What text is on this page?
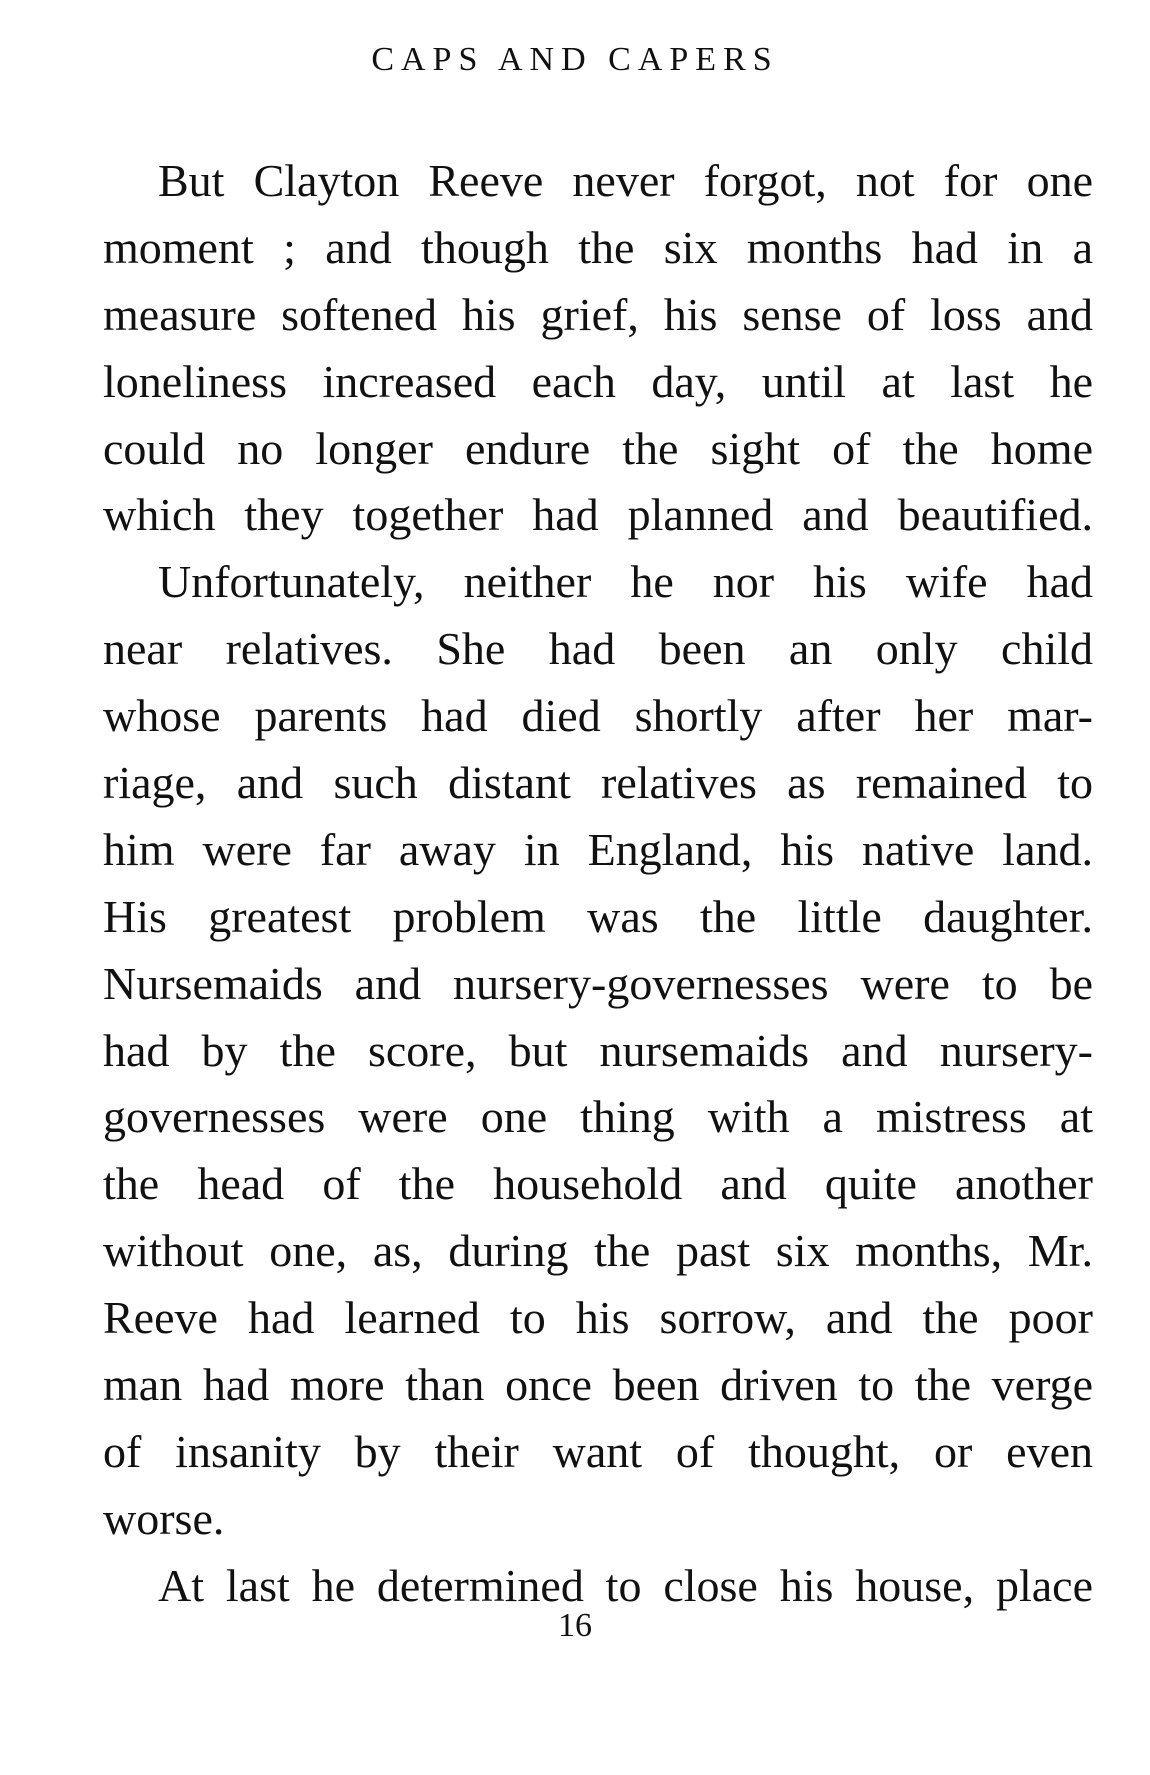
CAPS AND CAPERS
But Clayton Reeve never forgot, not for one
moment ; and though the six months had in a
measure softened his grief, his sense of loss and
loneliness increased each day, until at last he
could no longer endure the sight of the home
which they together had planned and beautified.
Unfortunately, neither he nor his wife had
near relatives. She had been an only child
whose parents had died shortly after her mar-
riage, and such distant relatives as remained to
him were far away in England, his native land.
His greatest problem was the little daughter.
Nursemaids and nursery-governesses were to be
had by the score, but nursemaids and nursery-
governesses were one thing with a mistress at
the head of the household and quite another
without one, as, during the past six months, Mr.
Reeve had learned to his sorrow, and the poor
man had more than once been driven to the verge
of insanity by their want of thought, or even
worse.
At last he determined to close his house, place
16
